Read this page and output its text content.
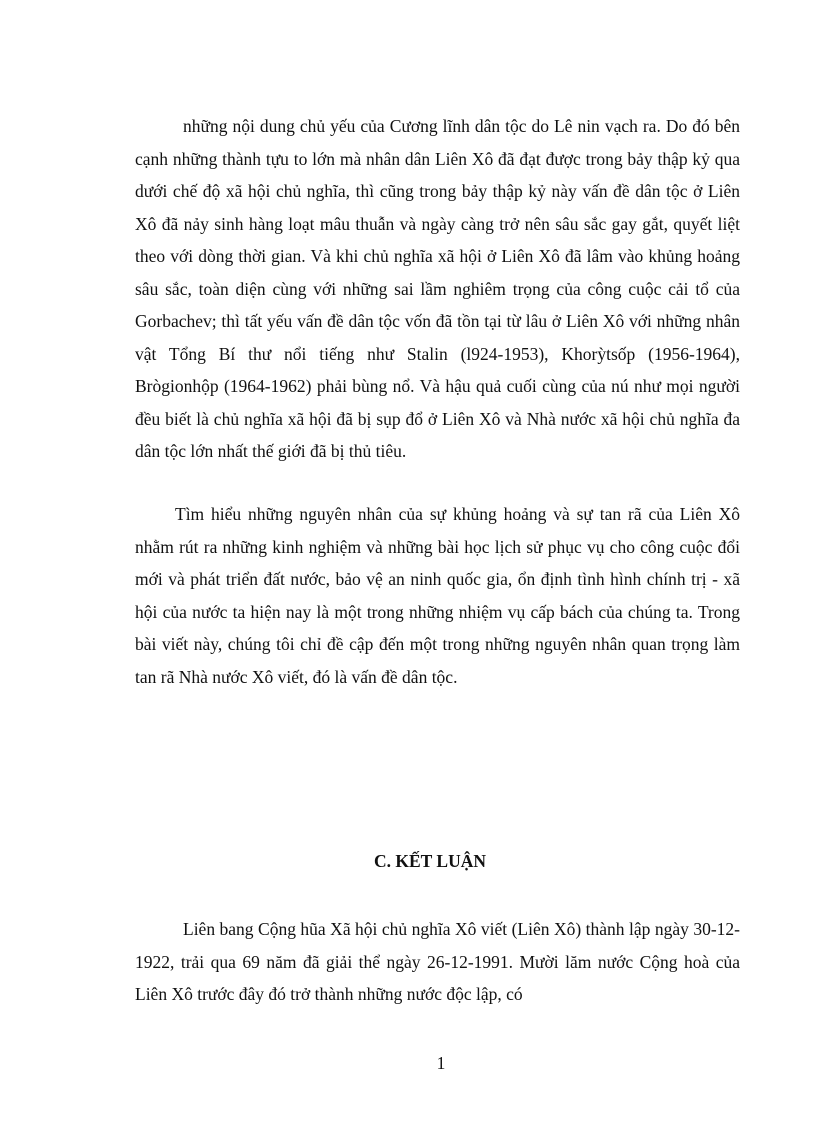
những nội dung chủ yếu của Cương lĩnh dân tộc do Lê nin vạch ra. Do đó bên cạnh những thành tựu to lớn mà nhân dân Liên Xô đã đạt được trong bảy thập kỷ qua dưới chế độ xã hội chủ nghĩa, thì cũng trong bảy thập kỷ này vấn đề dân tộc ở Liên Xô đã nảy sinh hàng loạt mâu thuẫn và ngày càng trở nên sâu sắc gay gắt, quyết liệt theo với dòng thời gian. Và khi chủ nghĩa xã hội ở Liên Xô đã lâm vào khủng hoảng sâu sắc, toàn diện cùng với những sai lầm nghiêm trọng của công cuộc cải tổ của Gorbachev; thì tất yếu vấn đề dân tộc vốn đã tồn tại từ lâu ở Liên Xô với những nhân vật Tổng Bí thư nổi tiếng như Stalin (l924-1953), Khorỳtsốp (1956-1964), Brògionhộp (1964-1962) phải bùng nổ. Và hậu quả cuối cùng của nú như mọi người đều biết là chủ nghĩa xã hội đã bị sụp đổ ở Liên Xô và Nhà nước xã hội chủ nghĩa đa dân tộc lớn nhất thế giới đã bị thủ tiêu.

Tìm hiểu những nguyên nhân của sự khủng hoảng và sự tan rã của Liên Xô nhằm rút ra những kinh nghiệm và những bài học lịch sử phục vụ cho công cuộc đổi mới và phát triển đất nước, bảo vệ an ninh quốc gia, ổn định tình hình chính trị - xã hội của nước ta hiện nay là một trong những nhiệm vụ cấp bách của chúng ta. Trong bài viết này, chúng tôi chỉ đề cập đến một trong những nguyên nhân quan trọng làm tan rã Nhà nước Xô viết, đó là vấn đề dân tộc.

C. KẾT LUẬN

Liên bang Cộng hũa Xã hội chủ nghĩa Xô viết (Liên Xô) thành lập ngày 30-12-1922, trải qua 69 năm đã giải thể ngày 26-12-1991. Mười lăm nước Cộng hoà của Liên Xô trước đây đó trở thành những nước độc lập, có

1
